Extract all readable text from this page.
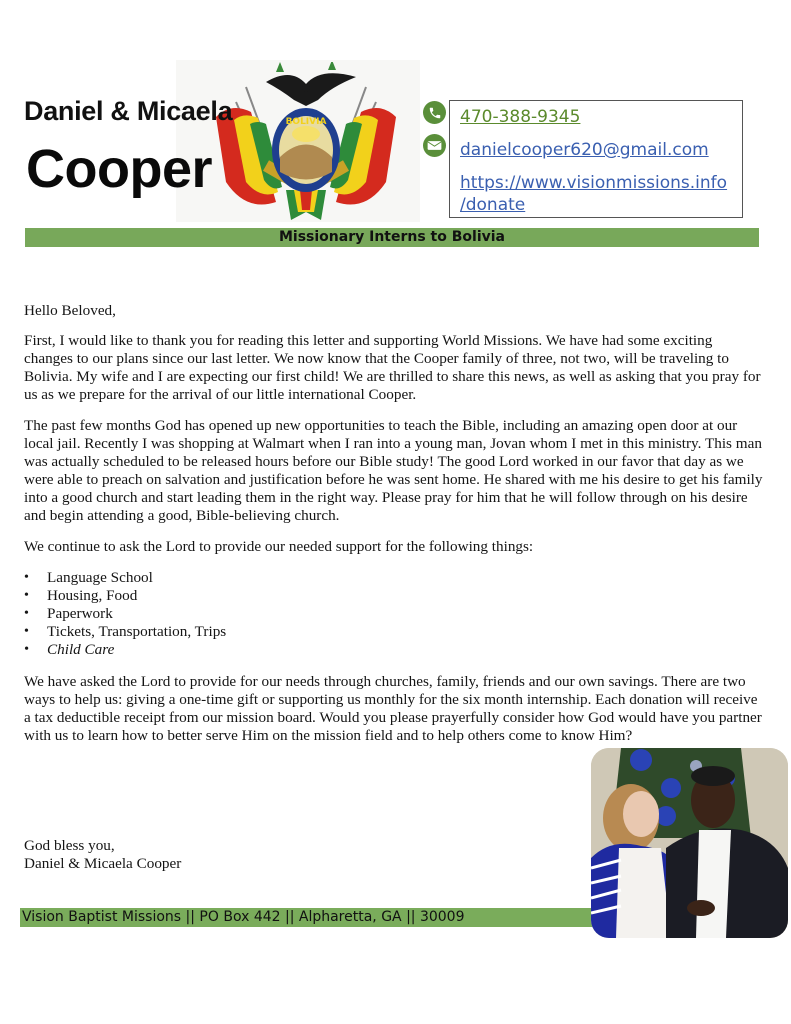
BOLIVIA
Daniel & Micaela
Cooper
470-388-9345
danielcooper620@gmail.com
https://www.visionmissions.info
/donate
Missionary Interns to Bolivia

Hello Beloved,

First, I would like to thank you for reading this letter and supporting World Missions. We have had some exciting changes to our plans since our last letter. We now know that the Cooper family of three, not two, will be traveling to Bolivia. My wife and I are expecting our first child! We are thrilled to share this news, as well as asking that you pray for us as we prepare for the arrival of our little international Cooper.

The past few months God has opened up new opportunities to teach the Bible, including an amazing open door at our local jail. Recently I was shopping at Walmart when I ran into a young man, Jovan whom I met in this ministry. This man was actually scheduled to be released hours before our Bible study! The good Lord worked in our favor that day as we were able to preach on salvation and justification before he was sent home. He shared with me his desire to get his family into a good church and start leading them in the right way. Please pray for him that he will follow through on his desire and begin attending a good, Bible-believing church.

We continue to ask the Lord to provide our needed support for the following things:

• Language School
• Housing, Food
• Paperwork
• Tickets, Transportation, Trips
• Child Care

We have asked the Lord to provide for our needs through churches, family, friends and our own savings. There are two ways to help us: giving a one-time gift or supporting us monthly for the six month internship. Each donation will receive a tax deductible receipt from our mission board. Would you please prayerfully consider how God would have you partner with us to learn how to better serve Him on the mission field and to help others come to know Him?

God bless you,
Daniel & Micaela Cooper
Vision Baptist Missions || PO Box 442 || Alpharetta, GA || 30009
